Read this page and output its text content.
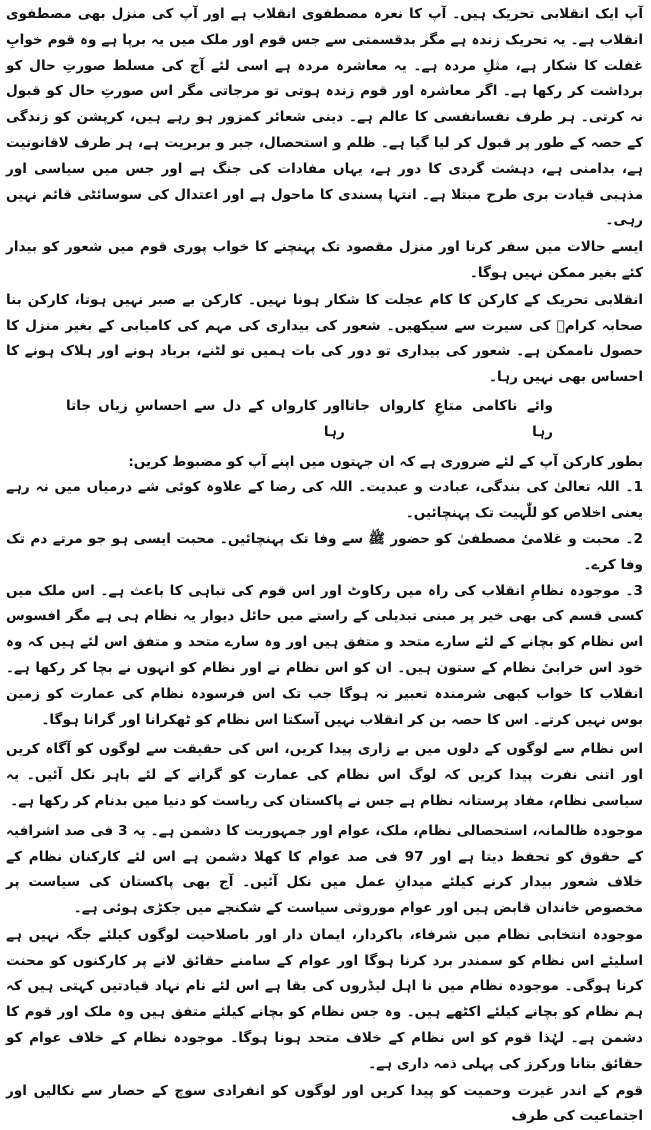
آپ ایک انقلابی تحریک ہیں۔ آپ کا نعرہ مصطفوی انقلاب ہے اور آپ کی منزل بھی مصطفوی انقلاب ہے۔ یہ تحریک زندہ ہے مگر بدقسمتی سے جس قوم اور ملک میں یہ برپا ہے وہ قوم خوابِ غفلت کا شکار ہے، مثلِ مردہ ہے۔ یہ معاشرہ مردہ ہے اسی لئے آج کی مسلط صورتِ حال کو برداشت کر رکھا ہے۔ اگر معاشرہ اور قوم زندہ ہوتی تو مرجاتی مگر اس صورتِ حال کو قبول نہ کرتی۔ ہر طرف نفسانفسی کا عالم ہے۔ دینی شعائر کمزور ہو رہے ہیں، کرپشن کو زندگی کے حصہ کے طور پر قبول کر لیا گیا ہے۔ ظلم و استحصال، جبر و بربریت ہے، ہر طرف لاقانونیت ہے، بدامنی ہے، دہشت گردی کا دور ہے، یہاں مفادات کی جنگ ہے اور جس میں سیاسی اور مذہبی قیادت بری طرح مبتلا ہے۔ انتہا پسندی کا ماحول ہے اور اعتدال کی سوسائٹی قائم نہیں رہی۔

ایسے حالات میں سفر کرنا اور منزل مقصود تک پہنچنے کا خواب پوری قوم میں شعور کو بیدار کئے بغیر ممکن نہیں ہوگا۔

انقلابی تحریک کے کارکن کا کام عجلت کا شکار ہونا نہیں۔ کارکن بے صبر نہیں ہوتا، کارکن بنا صحابہ کرامؓ کی سیرت سے سیکھیں۔ شعور کی بیداری کی مہم کی کامیابی کے بغیر منزل کا حصول ناممکن ہے۔ شعور کی بیداری تو دور کی بات ہمیں تو لٹنے، برباد ہونے اور ہلاک ہونے کا احساس بھی نہیں رہا۔

وائے ناکامی متاعِ کارواں جاتا رہا
اور کارواں کے دل سے احساسِ زیاں جاتا رہا

بطور کارکن آپ کے لئے ضروری ہے کہ ان جہتوں میں اپنے آپ کو مضبوط کریں:

1۔ اللہ تعالیٰ کی بندگی، عبادت و عبدیت۔ اللہ کی رضا کے علاوہ کوئی شے درمیاں میں نہ رہے یعنی اخلاص کو للّٰہیت تک پہنچائیں۔

2۔ محبت و غلامیٔ مصطفیٰ کو حضور ﷺ سے وفا تک پہنچائیں۔ محبت ایسی ہو جو مرتے دم تک وفا کرے۔

3۔ موجودہ نظامِ انقلاب کی راہ میں رکاوٹ اور اس قوم کی تباہی کا باعث ہے۔ اس ملک میں کسی قسم کی بھی خیر پر مبنی تبدیلی کے راستے میں حائل دیوار یہ نظام ہی ہے مگر افسوس اس نظام کو بچانے کے لئے سارے متحد و متفق ہیں اور وہ سارے متحد و متفق اس لئے ہیں کہ وہ خود اس خرابیٔ نظام کے ستون ہیں۔ ان کو اس نظام نے اور نظام کو انہوں نے بچا کر رکھا ہے۔ انقلاب کا خواب کبھی شرمندہ تعبیر نہ ہوگا جب تک اس فرسودہ نظام کی عمارت کو زمین بوس نہیں کرتے۔ اس کا حصہ بن کر انقلاب نہیں آسکتا اس نظام کو ٹھکرانا اور گرانا ہوگا۔

اس نظام سے لوگوں کے دلوں میں بے زاری پیدا کریں، اس کی حقیقت سے لوگوں کو آگاہ کریں اور اتنی نفرت پیدا کریں کہ لوگ اس نظام کی عمارت کو گرانے کے لئے باہر نکل آئیں۔ یہ سیاسی نظام، مفاد پرستانہ نظام ہے جس نے پاکستان کی ریاست کو دنیا میں بدنام کر رکھا ہے۔

موجودہ ظالمانہ، استحصالی نظام، ملک، عوام اور جمہوریت کا دشمن ہے۔ یہ 3 فی صد اشرافیہ کے حقوق کو تحفظ دیتا ہے اور 97 فی صد عوام کا کھلا دشمن ہے اس لئے کارکنان نظام کے خلاف شعور بیدار کرنے کیلئے میدانِ عمل میں نکل آئیں۔ آج بھی پاکستان کی سیاست پر مخصوص خاندان قابض ہیں اور عوام موروثی سیاست کے شکنجے میں جکڑی ہوئی ہے۔

موجودہ انتخابی نظام میں شرفاء، باکردار، ایمان دار اور باصلاحیت لوگوں کیلئے جگہ نہیں ہے اسلیئے اس نظام کو سمندر برد کرنا ہوگا اور عوام کے سامنے حقائق لانے پر کارکنوں کو محنت کرنا ہوگی۔ موجودہ نظام میں نا اہل لیڈروں کی بقا ہے اس لئے نام نہاد قیادتیں کہتی ہیں کہ ہم نظام کو بچانے کیلئے اکٹھے ہیں۔ وہ جس نظام کو بچانے کیلئے متفق ہیں وہ ملک اور قوم کا دشمن ہے۔ لہٰذا قوم کو اس نظام کے خلاف متحد ہونا ہوگا۔ موجودہ نظام کے خلاف عوام کو حقائق بتانا ورکرز کی پہلی ذمہ داری ہے۔

قوم کے اندر غیرت وحمیت کو پیدا کریں اور لوگوں کو انفرادی سوچ کے حصار سے نکالیں اور اجتماعیت کی طرف
